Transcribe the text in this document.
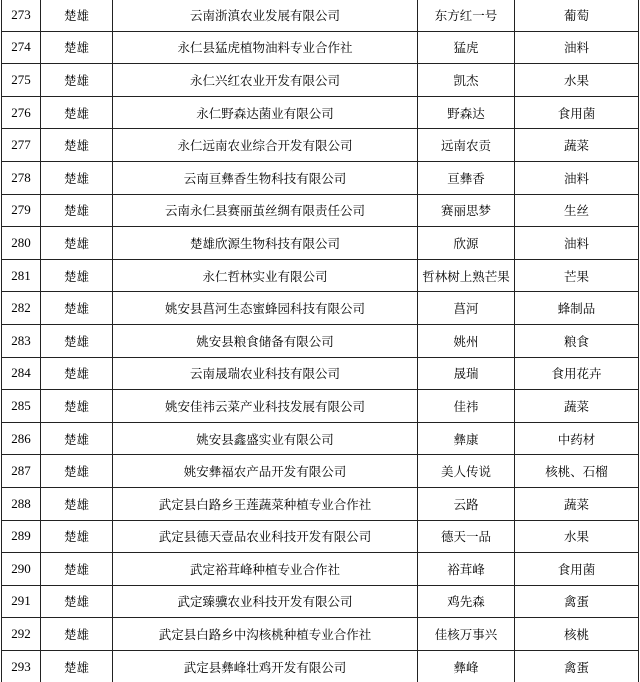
273	楚雄	云南浙滇农业发展有限公司	东方红一号	葡萄
274	楚雄	永仁县猛虎植物油料专业合作社	猛虎	油料
275	楚雄	永仁兴红农业开发有限公司	凯杰	水果
276	楚雄	永仁野森达菌业有限公司	野森达	食用菌
277	楚雄	永仁远南农业综合开发有限公司	远南农贡	蔬菜
278	楚雄	云南亘彝香生物科技有限公司	亘彝香	油料
279	楚雄	云南永仁县赛丽茧丝绸有限责任公司	赛丽思梦	生丝
280	楚雄	楚雄欣源生物科技有限公司	欣源	油料
281	楚雄	永仁哲林实业有限公司	哲林树上熟芒果	芒果
282	楚雄	姚安县菖河生态蜜蜂园科技有限公司	菖河	蜂制品
283	楚雄	姚安县粮食储备有限公司	姚州	粮食
284	楚雄	云南晟瑞农业科技有限公司	晟瑞	食用花卉
285	楚雄	姚安佳祎云菜产业科技发展有限公司	佳祎	蔬菜
286	楚雄	姚安县鑫盛实业有限公司	彝康	中药材
287	楚雄	姚安彝福农产品开发有限公司	美人传说	核桃、石榴
288	楚雄	武定县白路乡王莲蔬菜种植专业合作社	云路	蔬菜
289	楚雄	武定县德天壹品农业科技开发有限公司	德天一品	水果
290	楚雄	武定裕茸峰种植专业合作社	裕茸峰	食用菌
291	楚雄	武定臻骥农业科技开发有限公司	鸡先森	禽蛋
292	楚雄	武定县白路乡中沟核桃种植专业合作社	佳核万事兴	核桃
293	楚雄	武定县彝峰壮鸡开发有限公司	彝峰	禽蛋
